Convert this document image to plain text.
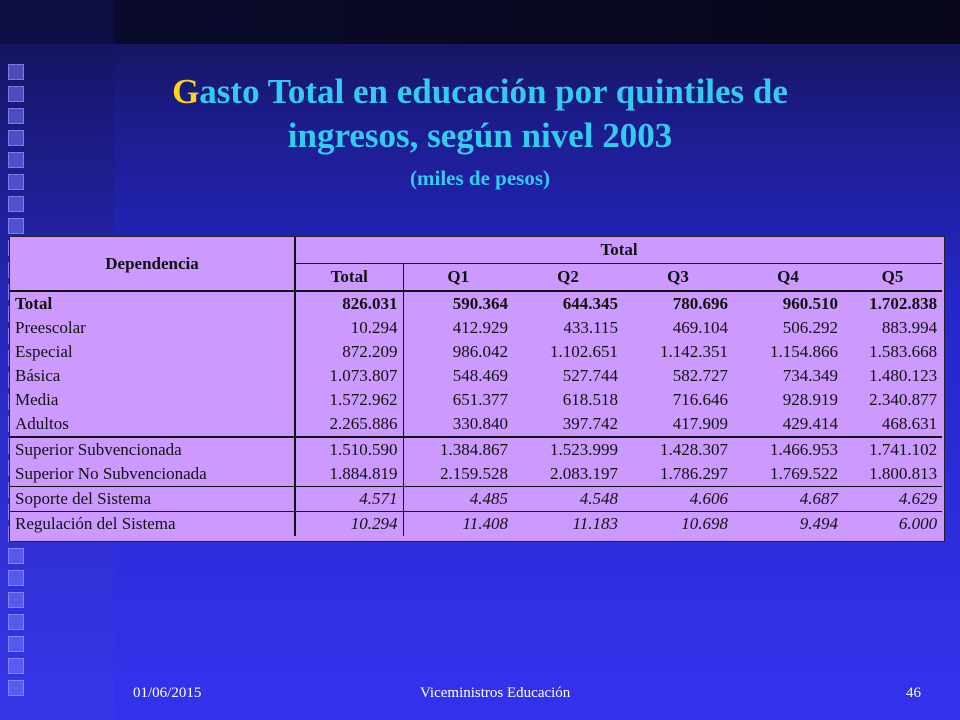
Gasto Total en educación por quintiles de
ingresos, según nivel 2003
(miles de pesos)
Dependencia	Total					
	Total	Q1	Q2	Q3	Q4	Q5
Total	826.031	590.364	644.345	780.696	960.510	1.702.838
Preescolar	10.294	412.929	433.115	469.104	506.292	883.994
Especial	872.209	986.042	1.102.651	1.142.351	1.154.866	1.583.668
Básica	1.073.807	548.469	527.744	582.727	734.349	1.480.123
Media	1.572.962	651.377	618.518	716.646	928.919	2.340.877
Adultos	2.265.886	330.840	397.742	417.909	429.414	468.631
Superior Subvencionada	1.510.590	1.384.867	1.523.999	1.428.307	1.466.953	1.741.102
Superior No Subvencionada	1.884.819	2.159.528	2.083.197	1.786.297	1.769.522	1.800.813
Soporte del Sistema	4.571	4.485	4.548	4.606	4.687	4.629
Regulación del Sistema	10.294	11.408	11.183	10.698	9.494	6.000
01/06/2015	Viceministros Educación	46
